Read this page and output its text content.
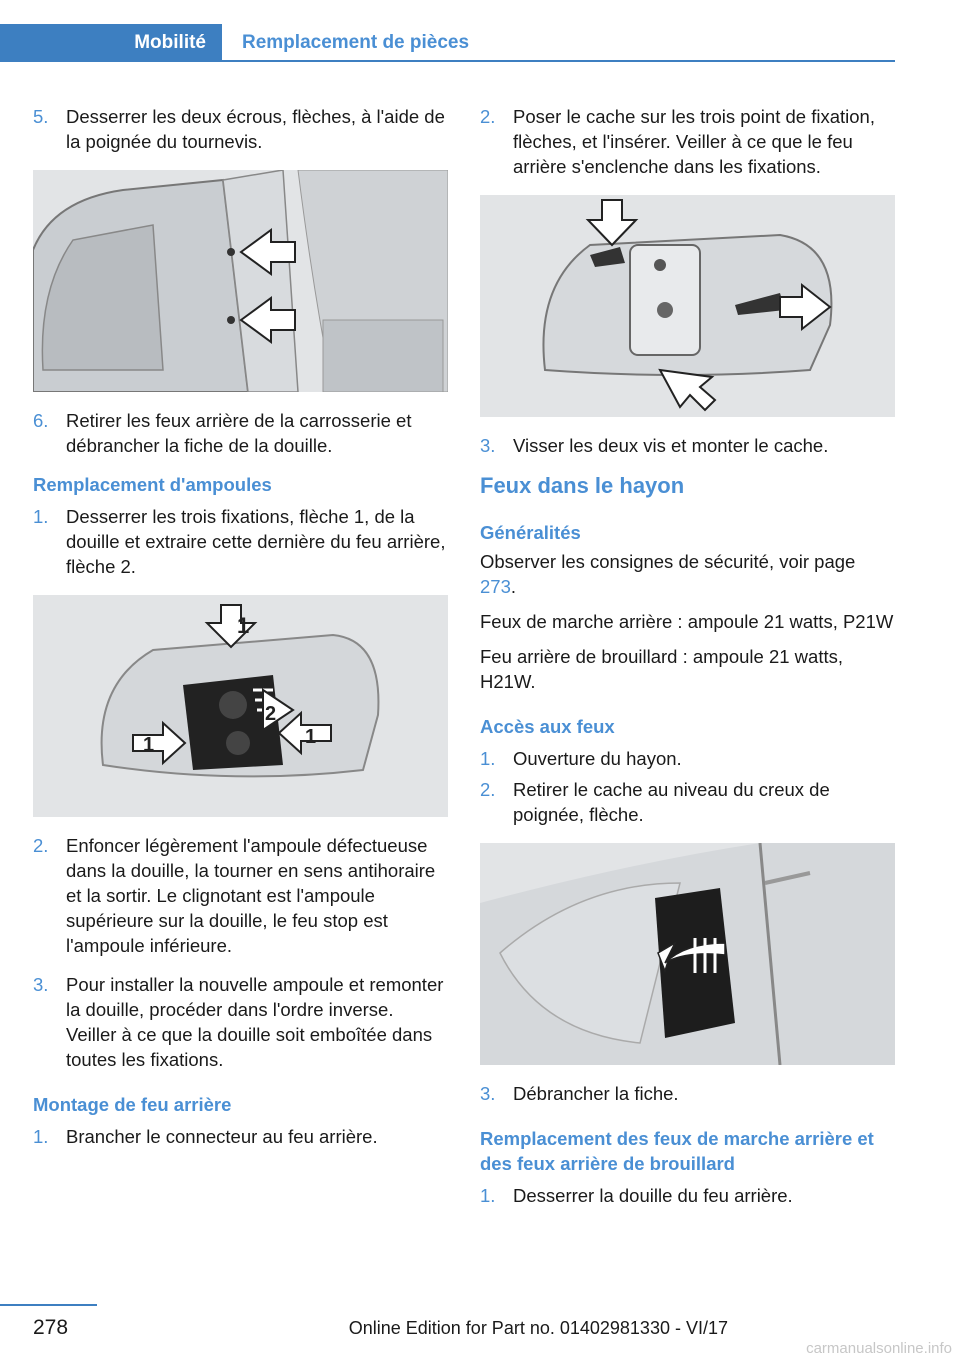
Mobilité	Remplacement de pièces
5. Desserrer les deux écrous, flèches, à l'aide de la poignée du tournevis.
6. Retirer les feux arrière de la carrosserie et débrancher la fiche de la douille.
Remplacement d'ampoules
1. Desserrer les trois fixations, flèche 1, de la douille et extraire cette dernière du feu arrière, flèche 2.
1
2
1	1
2. Enfoncer légèrement l'ampoule défectueuse dans la douille, la tourner en sens antihoraire et la sortir. Le clignotant est l'ampoule supérieure sur la douille, le feu stop est l'ampoule inférieure.
3. Pour installer la nouvelle ampoule et remonter la douille, procéder dans l'ordre inverse. Veiller à ce que la douille soit emboîtée dans toutes les fixations.
Montage de feu arrière
1. Brancher le connecteur au feu arrière.
2. Poser le cache sur les trois point de fixation, flèches, et l'insérer. Veiller à ce que le feu arrière s'enclenche dans les fixations.
3. Visser les deux vis et monter le cache.
Feux dans le hayon
Généralités

Observer les consignes de sécurité, voir page 273.

Feux de marche arrière : ampoule 21 watts, P21W

Feu arrière de brouillard : ampoule 21 watts, H21W.

Accès aux feux
1. Ouverture du hayon.
2. Retirer le cache au niveau du creux de poignée, flèche.
3. Débrancher la fiche.
Remplacement des feux de marche arrière et des feux arrière de brouillard
1. Desserrer la douille du feu arrière.
278	Online Edition for Part no. 01402981330 - VI/17
carmanualsonline.info
